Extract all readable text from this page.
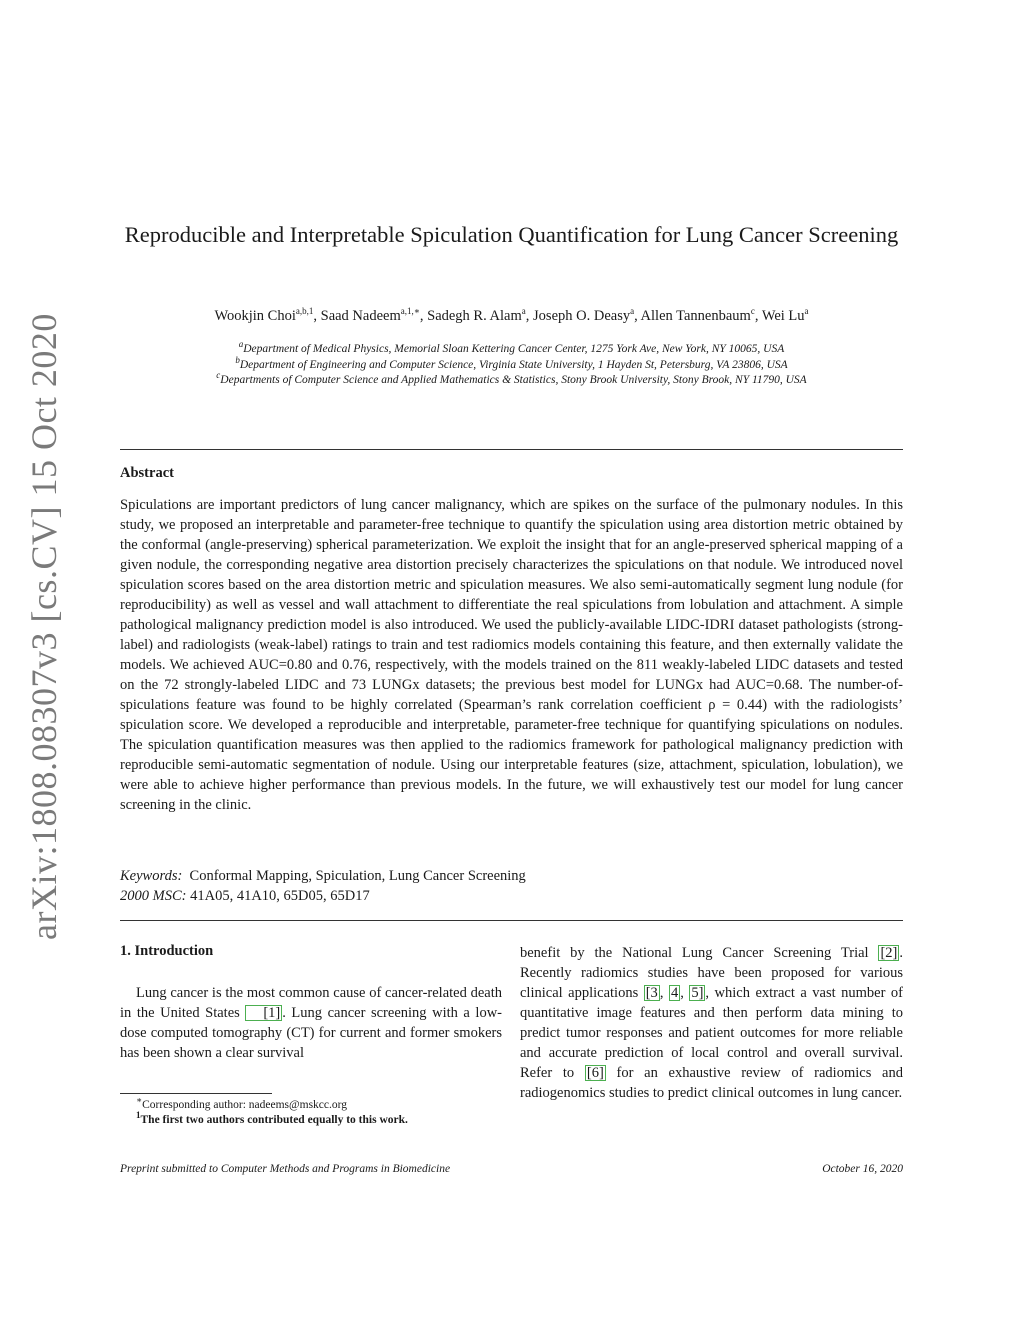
arXiv:1808.08307v3 [cs.CV] 15 Oct 2020
Reproducible and Interpretable Spiculation Quantification for Lung Cancer Screening
Wookjin Choi$^{a,b,1}$, Saad Nadeem$^{a,1,∗}$, Sadegh R. Alam$^a$, Joseph O. Deasy$^a$, Allen Tannenbaum$^c$, Wei Lu$^a$
$^a$Department of Medical Physics, Memorial Sloan Kettering Cancer Center, 1275 York Ave, New York, NY 10065, USA
$^b$Department of Engineering and Computer Science, Virginia State University, 1 Hayden St, Petersburg, VA 23806, USA
$^c$Departments of Computer Science and Applied Mathematics & Statistics, Stony Brook University, Stony Brook, NY 11790, USA
Abstract
Spiculations are important predictors of lung cancer malignancy, which are spikes on the surface of the pulmonary nodules. In this study, we proposed an interpretable and parameter-free technique to quantify the spiculation using area distortion metric obtained by the conformal (angle-preserving) spherical parameterization. We exploit the insight that for an angle-preserved spherical mapping of a given nodule, the corresponding negative area distortion precisely characterizes the spiculations on that nodule. We introduced novel spiculation scores based on the area distortion metric and spiculation measures. We also semi-automatically segment lung nodule (for reproducibility) as well as vessel and wall attachment to differentiate the real spiculations from lobulation and attachment. A simple pathological malignancy prediction model is also introduced. We used the publicly-available LIDC-IDRI dataset pathologists (strong-label) and radiologists (weak-label) ratings to train and test radiomics models containing this feature, and then externally validate the models. We achieved AUC=0.80 and 0.76, respectively, with the models trained on the 811 weakly-labeled LIDC datasets and tested on the 72 strongly-labeled LIDC and 73 LUNGx datasets; the previous best model for LUNGx had AUC=0.68. The number-of-spiculations feature was found to be highly correlated (Spearman’s rank correlation coefficient ρ = 0.44) with the radiologists’ spiculation score. We developed a reproducible and interpretable, parameter-free technique for quantifying spiculations on nodules. The spiculation quantification measures was then applied to the radiomics framework for pathological malignancy prediction with reproducible semi-automatic segmentation of nodule. Using our interpretable features (size, attachment, spiculation, lobulation), we were able to achieve higher performance than previous models. In the future, we will exhaustively test our model for lung cancer screening in the clinic.
Keywords: Conformal Mapping, Spiculation, Lung Cancer Screening
2000 MSC: 41A05, 41A10, 65D05, 65D17
1. Introduction
Lung cancer is the most common cause of cancer-related death in the United States [1] . Lung cancer screening with a low-dose computed tomography (CT) for current and former smokers has been shown a clear survival
benefit by the National Lung Cancer Screening Trial [2] . Recently radiomics studies have been proposed for various clinical applications [3 , 4 , 5] , which extract a vast number of quantitative image features and then perform data mining to predict tumor responses and patient outcomes for more reliable and accurate prediction of local control and overall survival. Refer to [6] for an exhaustive review of radiomics and radiogenomics studies to predict clinical outcomes in lung cancer.
∗Corresponding author: nadeems@mskcc.org
$^1$The first two authors contributed equally to this work.
Preprint submitted to Computer Methods and Programs in Biomedicine	October 16, 2020
